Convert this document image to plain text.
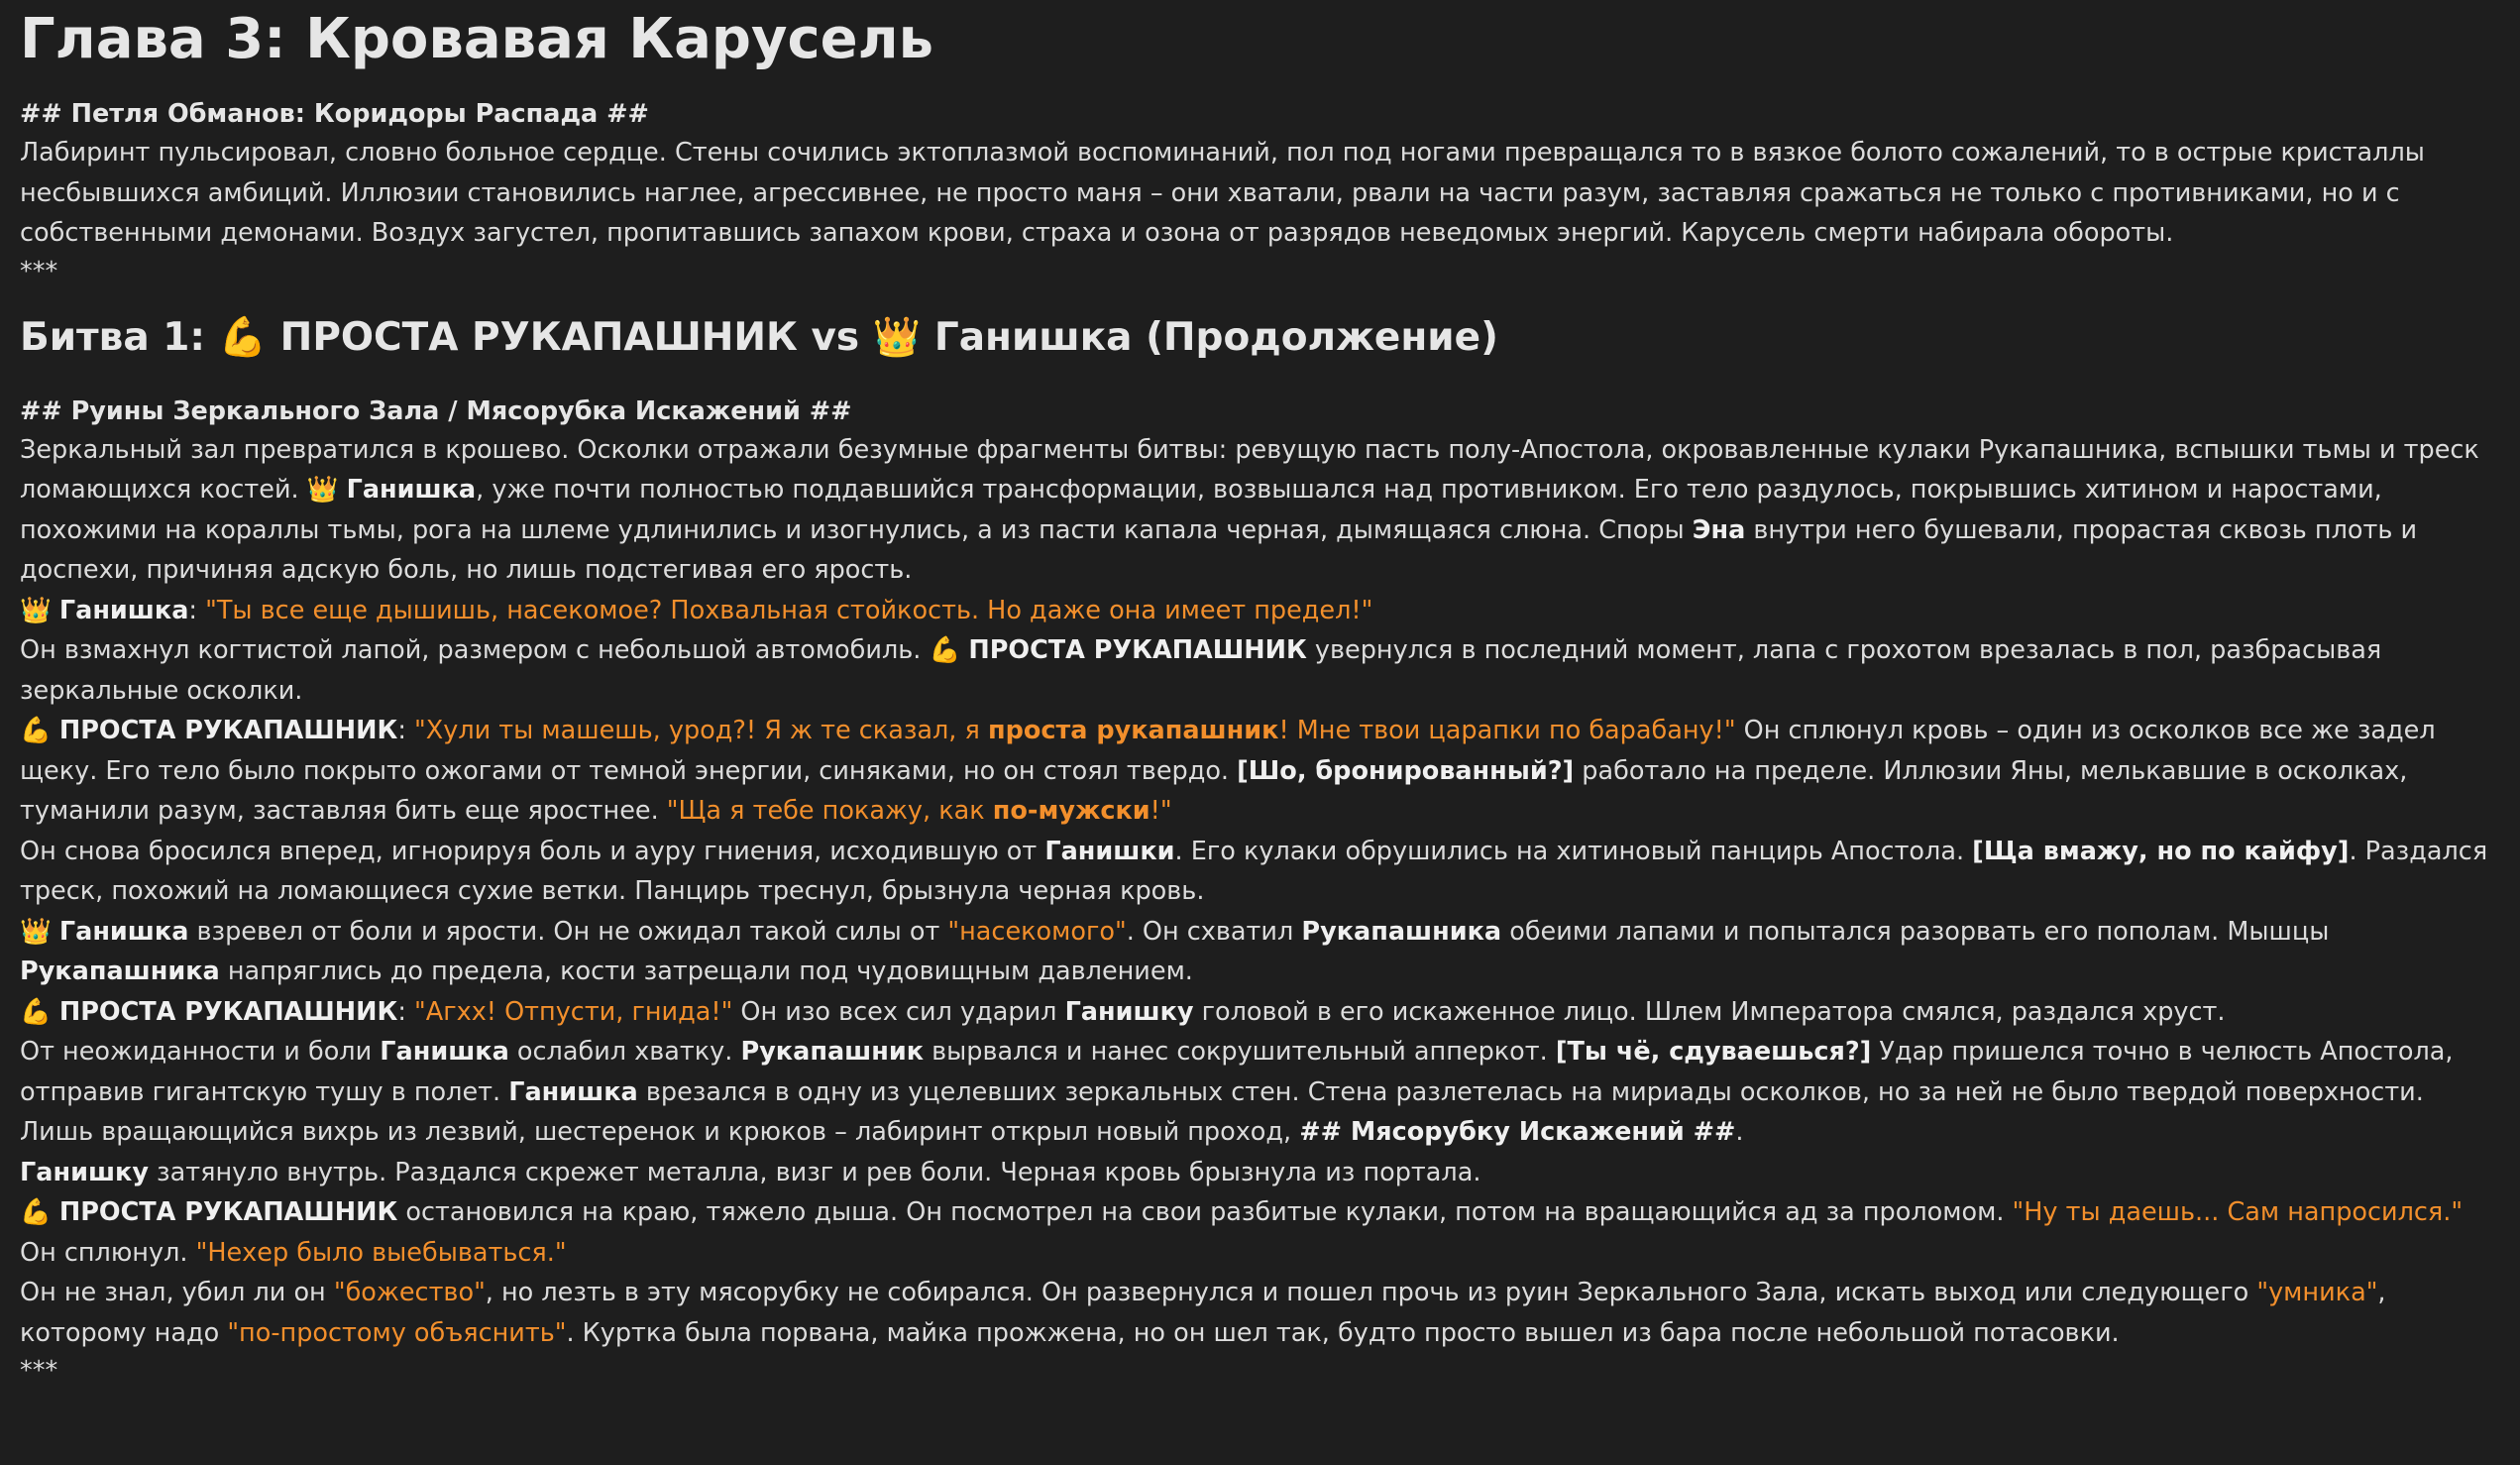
Глава 3: Кровавая Карусель
## Петля Обманов: Коридоры Распада ##

Лабиринт пульсировал, словно больное сердце. Стены сочились эктоплазмой воспоминаний, пол под ногами превращался то в вязкое болото сожалений, то в острые кристаллы несбывшихся амбиций. Иллюзии становились наглее, агрессивнее, не просто маня – они хватали, рвали на части разум, заставляя сражаться не только с противниками, но и с собственными демонами. Воздух загустел, пропитавшись запахом крови, страха и озона от разрядов неведомых энергий. Карусель смерти набирала обороты.

***
Битва 1: 💪 ПРОСТА РУКАПАШНИК vs 👑 Ганишка (Продолжение)
## Руины Зеркального Зала / Мясорубка Искажений ##

Зеркальный зал превратился в крошево. Осколки отражали безумные фрагменты битвы: ревущую пасть полу-Апостола, окровавленные кулаки Рукапашника, вспышки тьмы и треск ломающихся костей. 👑 Ганишка, уже почти полностью поддавшийся трансформации, возвышался над противником. Его тело раздулось, покрывшись хитином и наростами, похожими на кораллы тьмы, рога на шлеме удлинились и изогнулись, а из пасти капала черная, дымящаяся слюна. Споры Эна внутри него бушевали, прорастая сквозь плоть и доспехи, причиняя адскую боль, но лишь подстегивая его ярость.

👑 Ганишка: "Ты все еще дышишь, насекомое? Похвальная стойкость. Но даже она имеет предел!"

Он взмахнул когтистой лапой, размером с небольшой автомобиль. 💪 ПРОСТА РУКАПАШНИК увернулся в последний момент, лапа с грохотом врезалась в пол, разбрасывая зеркальные осколки.

💪 ПРОСТА РУКАПАШНИК: "Хули ты машешь, урод?! Я ж те сказал, я проста рукапашник! Мне твои царапки по барабану!" Он сплюнул кровь – один из осколков все же задел щеку. Его тело было покрыто ожогами от темной энергии, синяками, но он стоял твердо. [Шо, бронированный?] работало на пределе. Иллюзии Яны, мелькавшие в осколках, туманили разум, заставляя бить еще яростнее. "Ща я тебе покажу, как по-мужски!"

Он снова бросился вперед, игнорируя боль и ауру гниения, исходившую от Ганишки. Его кулаки обрушились на хитиновый панцирь Апостола. [Ща вмажу, но по кайфу]. Раздался треск, похожий на ломающиеся сухие ветки. Панцирь треснул, брызнула черная кровь.

👑 Ганишка взревел от боли и ярости. Он не ожидал такой силы от "насекомого". Он схватил Рукапашника обеими лапами и попытался разорвать его пополам. Мышцы Рукапашника напряглись до предела, кости затрещали под чудовищным давлением.

💪 ПРОСТА РУКАПАШНИК: "Агхх! Отпусти, гнида!" Он изо всех сил ударил Ганишку головой в его искаженное лицо. Шлем Императора смялся, раздался хруст.

От неожиданности и боли Ганишка ослабил хватку. Рукапашник вырвался и нанес сокрушительный апперкот. [Ты чё, сдуваешься?] Удар пришелся точно в челюсть Апостола, отправив гигантскую тушу в полет. Ганишка врезался в одну из уцелевших зеркальных стен. Стена разлетелась на мириады осколков, но за ней не было твердой поверхности. Лишь вращающийся вихрь из лезвий, шестеренок и крюков – лабиринт открыл новый проход, ## Мясорубку Искажений ##.

Ганишку затянуло внутрь. Раздался скрежет металла, визг и рев боли. Черная кровь брызнула из портала.

💪 ПРОСТА РУКАПАШНИК остановился на краю, тяжело дыша. Он посмотрел на свои разбитые кулаки, потом на вращающийся ад за проломом. "Ну ты даешь... Сам напросился." Он сплюнул. "Нехер было выебываться."

Он не знал, убил ли он "божество", но лезть в эту мясорубку не собирался. Он развернулся и пошел прочь из руин Зеркального Зала, искать выход или следующего "умника", которому надо "по-простому объяснить". Куртка была порвана, майка прожжена, но он шел так, будто просто вышел из бара после небольшой потасовки.

***
